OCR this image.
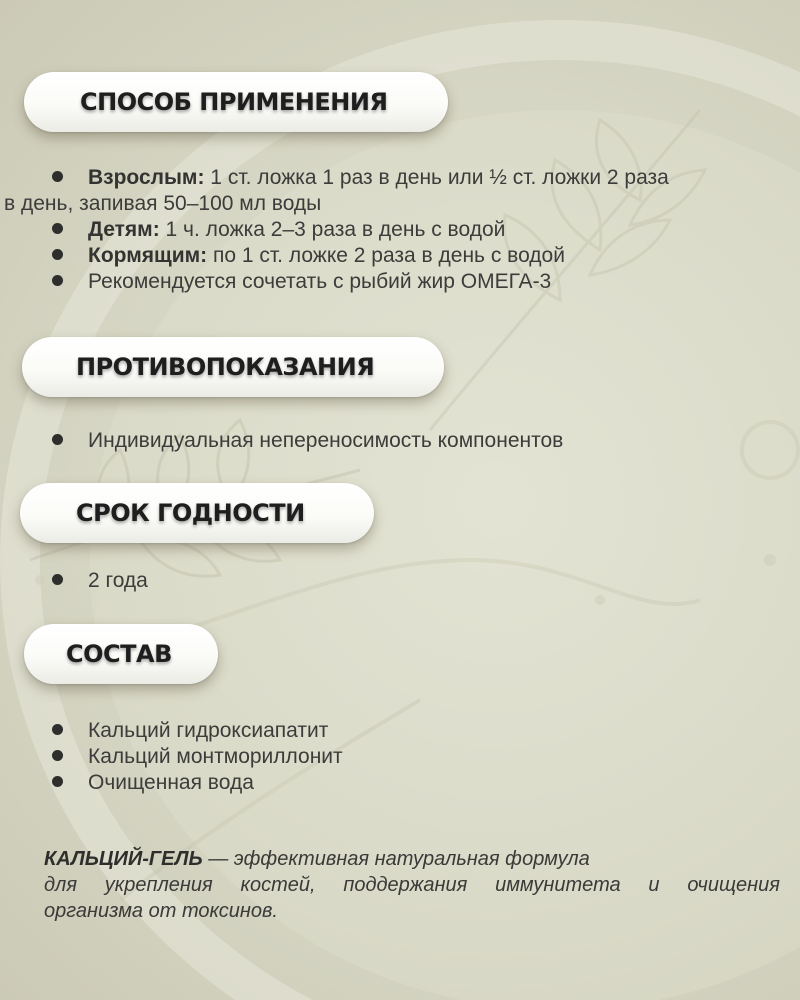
СПОСОБ ПРИМЕНЕНИЯ
Взрослым: 1 ст. ложка 1 раз в день или ½ ст. ложки 2 раза
в день, запивая 50–100 мл воды
Детям: 1 ч. ложка 2–3 раза в день с водой
Кормящим: по 1 ст. ложке 2 раза в день с водой
Рекомендуется сочетать с рыбий жир ОМЕГА-3
ПРОТИВОПОКАЗАНИЯ
Индивидуальная непереносимость компонентов
СРОК ГОДНОСТИ
2 года
СОСТАВ
Кальций гидроксиапатит
Кальций монтмориллонит
Очищенная вода
КАЛЬЦИЙ-ГЕЛЬ — эффективная натуральная формула
для укрепления костей, поддержания иммунитета и очищения
организма от токсинов.
